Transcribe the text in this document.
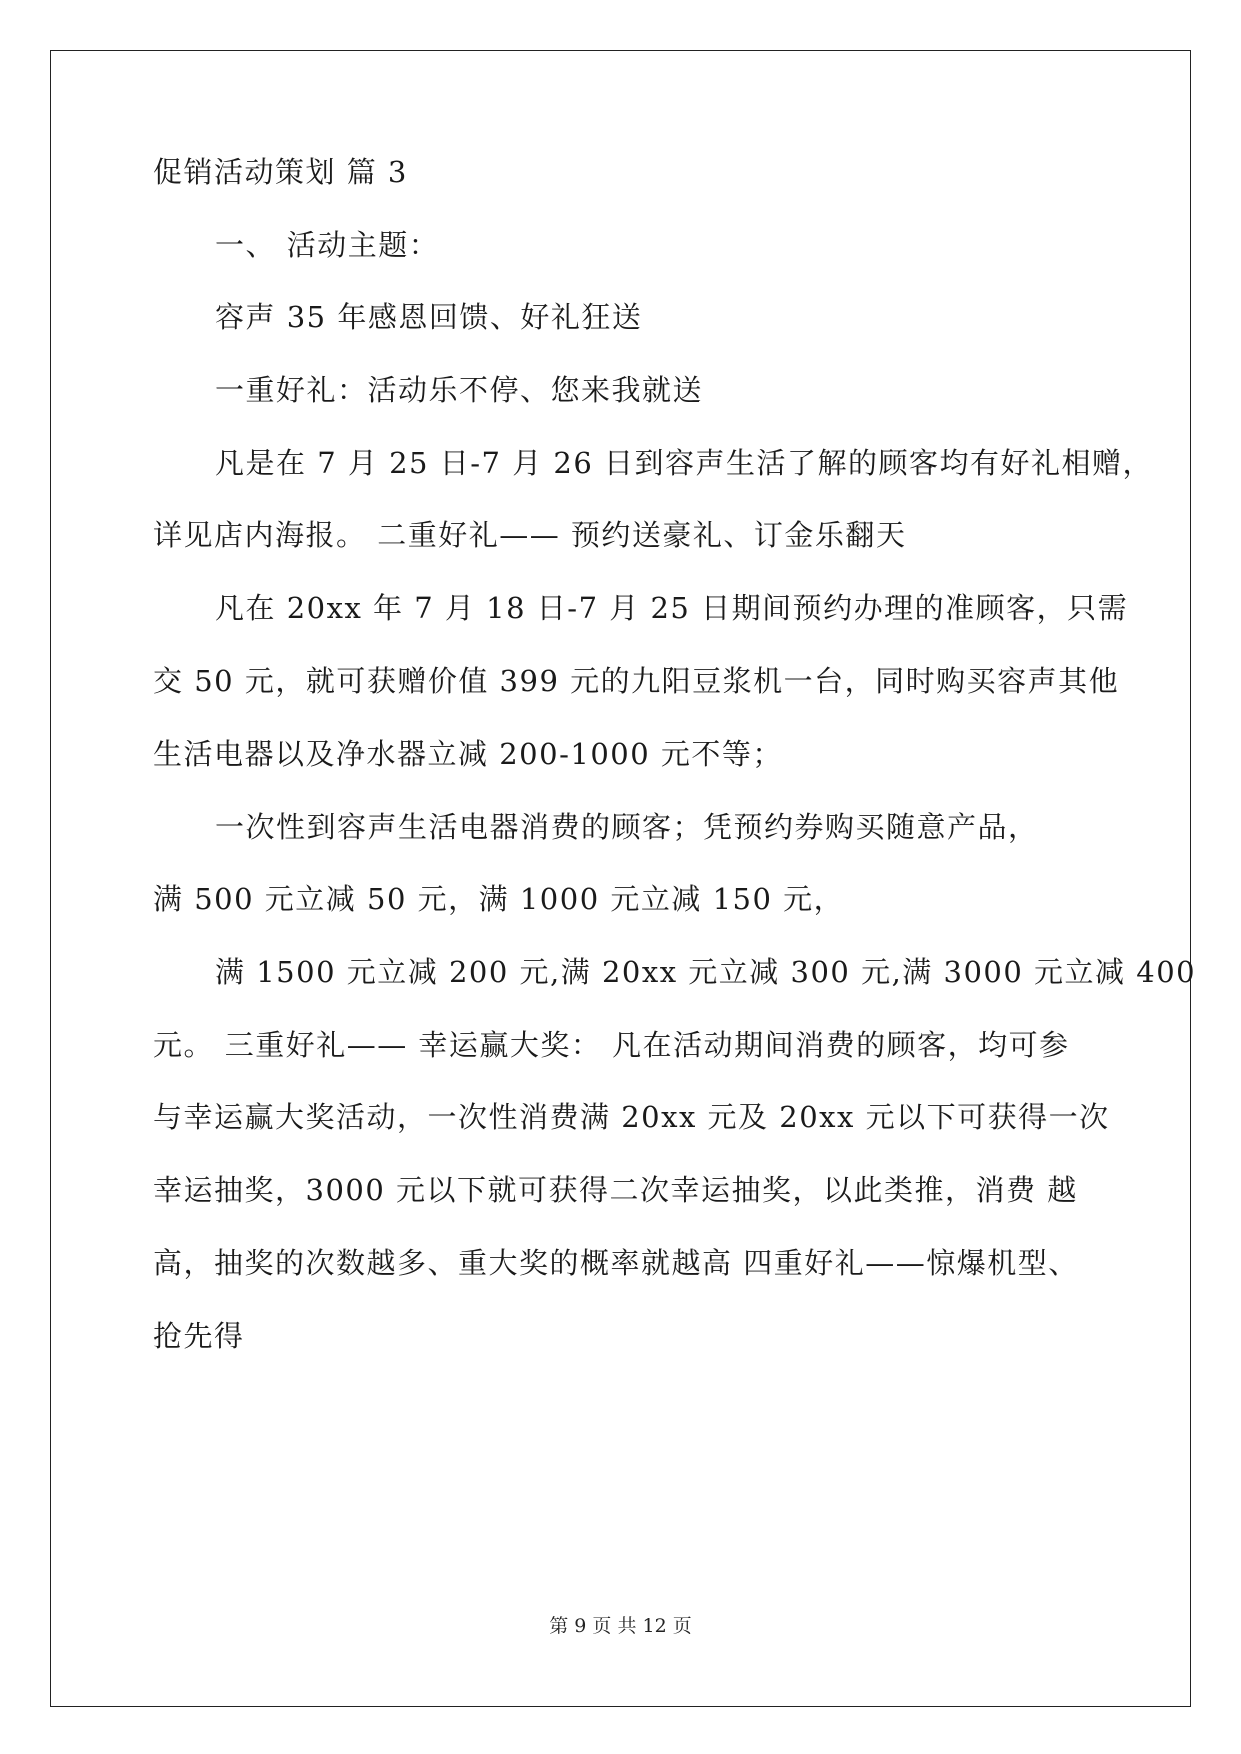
促销活动策划 篇 3
一、 活动主题：
容声 35 年感恩回馈、好礼狂送
一重好礼：活动乐不停、您来我就送
凡是在 7 月 25 日-7 月 26 日到容声生活了解的顾客均有好礼相赠，
详见店内海报。 二重好礼—— 预约送豪礼、订金乐翻天
凡在 20xx 年 7 月 18 日-7 月 25 日期间预约办理的准顾客，只需
交 50 元，就可获赠价值 399 元的九阳豆浆机一台，同时购买容声其他
生活电器以及净水器立减 200-1000 元不等；
一次性到容声生活电器消费的顾客；凭预约券购买随意产品，
满 500 元立减 50 元，满 1000 元立减 150 元，
满 1500 元立减 200 元,满 20xx 元立减 300 元,满 3000 元立减 400
元。 三重好礼—— 幸运赢大奖： 凡在活动期间消费的顾客，均可参
与幸运赢大奖活动，一次性消费满 20xx 元及 20xx 元以下可获得一次
幸运抽奖，3000 元以下就可获得二次幸运抽奖，以此类推，消费 越
高，抽奖的次数越多、重大奖的概率就越高 四重好礼——惊爆机型、
抢先得
第 9 页 共 12 页
